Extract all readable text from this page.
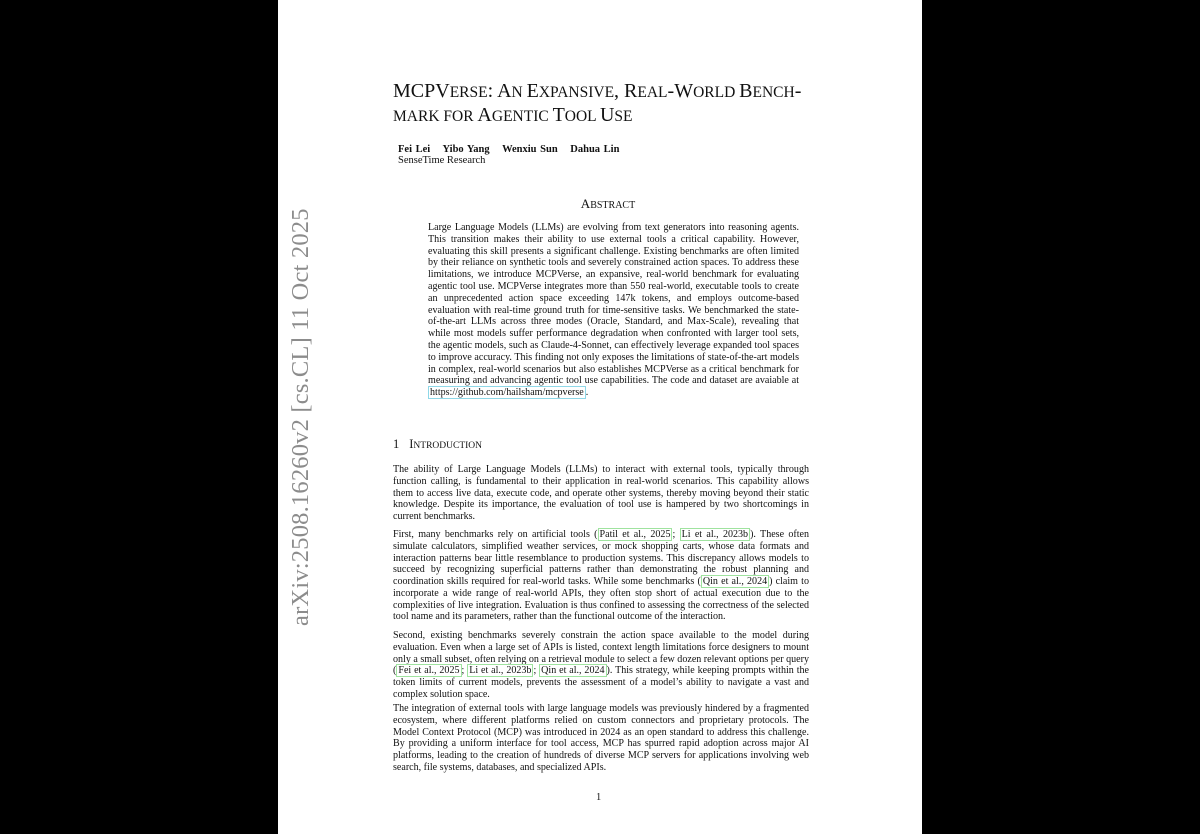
arXiv:2508.16260v2 [cs.CL] 11 Oct 2025
MCPVERSE: AN EXPANSIVE, REAL-WORLD BENCH-
MARK FOR AGENTIC TOOL USE
Fei Lei Yibo Yang Wenxiu Sun Dahua Lin
SenseTime Research
ABSTRACT

Large Language Models (LLMs) are evolving from text generators into reasoning agents. This transition makes their ability to use external tools a critical capability. However, evaluating this skill presents a significant challenge. Existing benchmarks are often limited by their reliance on synthetic tools and severely constrained action spaces. To address these limitations, we introduce MCPVerse, an expansive, real-world benchmark for evaluating agentic tool use. MCPVerse integrates more than 550 real-world, executable tools to create an unprecedented action space exceeding 147k tokens, and employs outcome-based evaluation with real-time ground truth for time-sensitive tasks. We benchmarked the state-of-the-art LLMs across three modes (Oracle, Standard, and Max-Scale), revealing that while most models suffer performance degradation when confronted with larger tool sets, the agentic models, such as Claude-4-Sonnet, can effectively leverage expanded tool spaces to improve accuracy. This finding not only exposes the limitations of state-of-the-art models in complex, real-world scenarios but also establishes MCPVerse as a critical benchmark for measuring and advancing agentic tool use capabilities. The code and dataset are avaiable at https://github.com/hailsham/mcpverse .

1 INTRODUCTION

The ability of Large Language Models (LLMs) to interact with external tools, typically through function calling, is fundamental to their application in real-world scenarios. This capability allows them to access live data, execute code, and operate other systems, thereby moving beyond their static knowledge. Despite its importance, the evaluation of tool use is hampered by two shortcomings in current benchmarks.

First, many benchmarks rely on artificial tools ( Patil et al., 2025 ; Li et al., 2023b ). These often simulate calculators, simplified weather services, or mock shopping carts, whose data formats and interaction patterns bear little resemblance to production systems. This discrepancy allows models to succeed by recognizing superficial patterns rather than demonstrating the robust planning and coordination skills required for real-world tasks. While some benchmarks ( Qin et al., 2024 ) claim to incorporate a wide range of real-world APIs, they often stop short of actual execution due to the complexities of live integration. Evaluation is thus confined to assessing the correctness of the selected tool name and its parameters, rather than the functional outcome of the interaction.

Second, existing benchmarks severely constrain the action space available to the model during evaluation. Even when a large set of APIs is listed, context length limitations force designers to mount only a small subset, often relying on a retrieval module to select a few dozen relevant options per query ( Fei et al., 2025 ; Li et al., 2023b ; Qin et al., 2024 ). This strategy, while keeping prompts within the token limits of current models, prevents the assessment of a model’s ability to navigate a vast and complex solution space.

The integration of external tools with large language models was previously hindered by a fragmented ecosystem, where different platforms relied on custom connectors and proprietary protocols. The Model Context Protocol (MCP) was introduced in 2024 as an open standard to address this challenge. By providing a uniform interface for tool access, MCP has spurred rapid adoption across major AI platforms, leading to the creation of hundreds of diverse MCP servers for applications involving web search, file systems, databases, and specialized APIs.

1
